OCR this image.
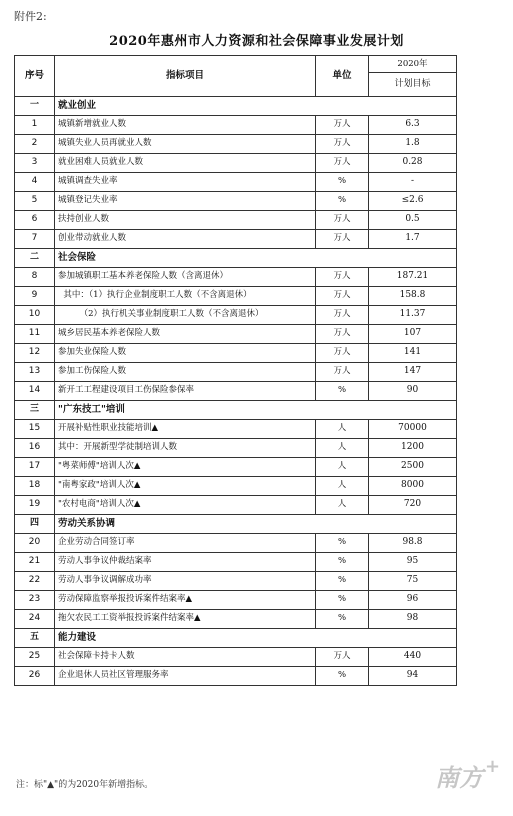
附件2:
2020年惠州市人力资源和社会保障事业发展计划
序号	指标项目	单位	2020年
			计划目标
一	就业创业		
1	城镇新增就业人数	万人	6.3
2	城镇失业人员再就业人数	万人	1.8
3	就业困难人员就业人数	万人	0.28
4	城镇调查失业率	%	-
5	城镇登记失业率	%	≤2.6
6	扶持创业人数	万人	0.5
7	创业带动就业人数	万人	1.7
二	社会保险		
8	参加城镇职工基本养老保险人数（含离退休）	万人	187.21
9	其中：（1）执行企业制度职工人数（不含离退休）	万人	158.8
10	（2）执行机关事业制度职工人数（不含离退休）	万人	11.37
11	城乡居民基本养老保险人数	万人	107
12	参加失业保险人数	万人	141
13	参加工伤保险人数	万人	147
14	新开工工程建设项目工伤保险参保率	%	90
三	"广东技工"培训		
15	开展补贴性职业技能培训▲	人	70000
16	其中：开展新型学徒制培训人数	人	1200
17	"粤菜师傅"培训人次▲	人	2500
18	"南粤家政"培训人次▲	人	8000
19	"农村电商"培训人次▲	人	720
四	劳动关系协调		
20	企业劳动合同签订率	%	98.8
21	劳动人事争议仲裁结案率	%	95
22	劳动人事争议调解成功率	%	75
23	劳动保障监察举报投诉案件结案率▲	%	96
24	拖欠农民工工资举报投诉案件结案率▲	%	98
五	能力建设		
25	社会保障卡持卡人数	万人	440
26	企业退休人员社区管理服务率	%	94
注：标"▲"的为2020年新增指标。	南方 +
